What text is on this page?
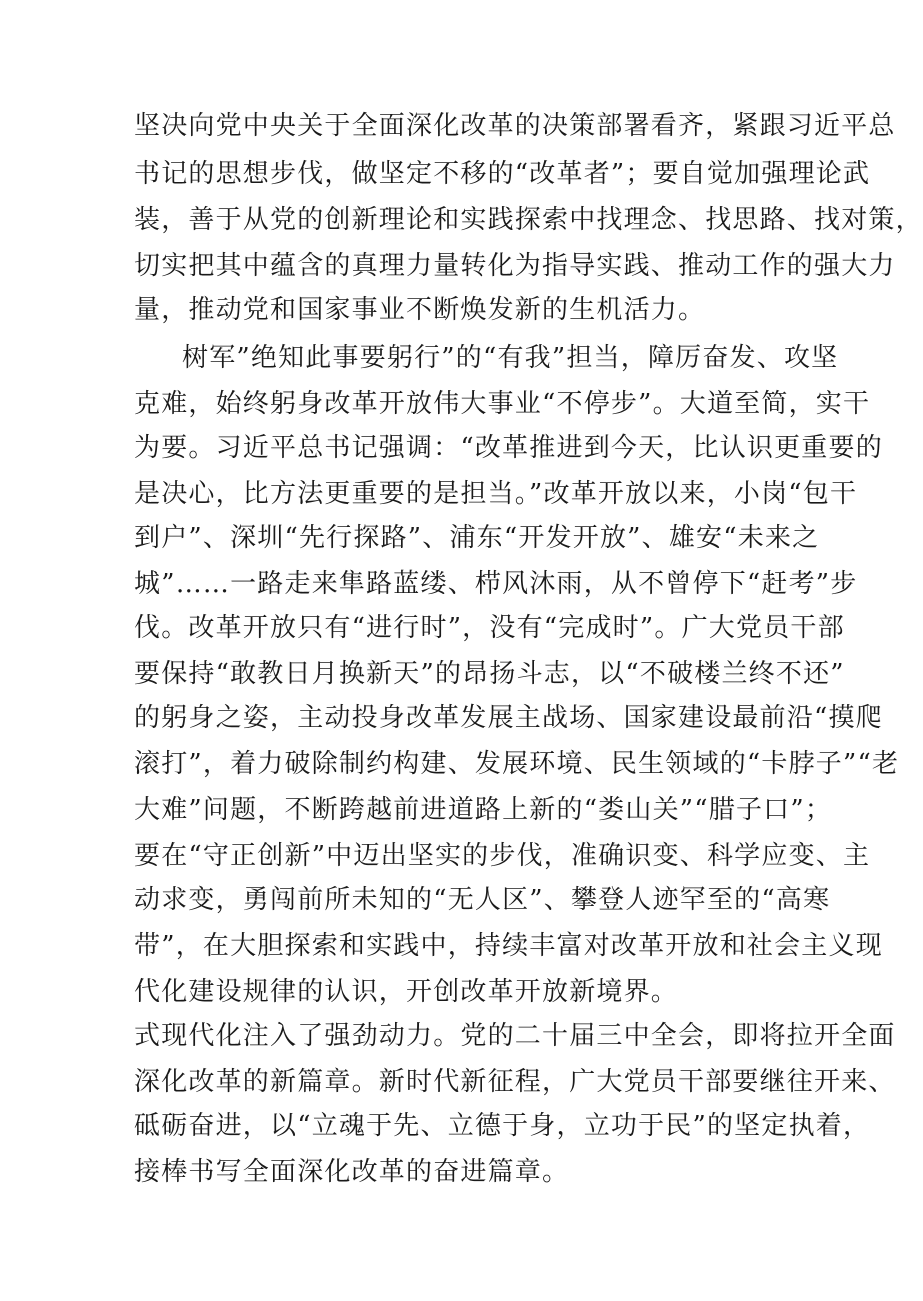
坚决向党中央关于全面深化改革的决策部署看齐，紧跟习近平总
书记的思想步伐，做坚定不移的“改革者”；要自觉加强理论武
装，善于从党的创新理论和实践探索中找理念、找思路、找对策，
切实把其中蕴含的真理力量转化为指导实践、推动工作的强大力
量，推动党和国家事业不断焕发新的生机活力。
树军”绝知此事要躬行”的“有我”担当，障厉奋发、攻坚
克难，始终躬身改革开放伟大事业“不停步”。大道至简，实干
为要。习近平总书记强调：“改革推进到今天，比认识更重要的
是决心，比方法更重要的是担当。”改革开放以来，小岗“包干
到户”、深圳“先行探路”、浦东“开发开放”、雄安“未来之
城”……一路走来隼路蓝缕、栉风沐雨，从不曾停下“赶考”步
伐。改革开放只有“进行时”，没有“完成时”。广大党员干部
要保持“敢教日月换新天”的昂扬斗志，以“不破楼兰终不还”
的躬身之姿，主动投身改革发展主战场、国家建设最前沿“摸爬
滚打”，着力破除制约构建、发展环境、民生领域的“卡脖子”“老
大难”问题，不断跨越前进道路上新的“娄山关”“腊子口”；
要在“守正创新”中迈出坚实的步伐，准确识变、科学应变、主
动求变，勇闯前所未知的“无人区”、攀登人迹罕至的“高寒
带”，在大胆探索和实践中，持续丰富对改革开放和社会主义现
代化建设规律的认识，开创改革开放新境界。
式现代化注入了强劲动力。党的二十届三中全会，即将拉开全面
深化改革的新篇章。新时代新征程，广大党员干部要继往开来、
砥砺奋进，以“立魂于先、立德于身，立功于民”的坚定执着，
接棒书写全面深化改革的奋进篇章。
